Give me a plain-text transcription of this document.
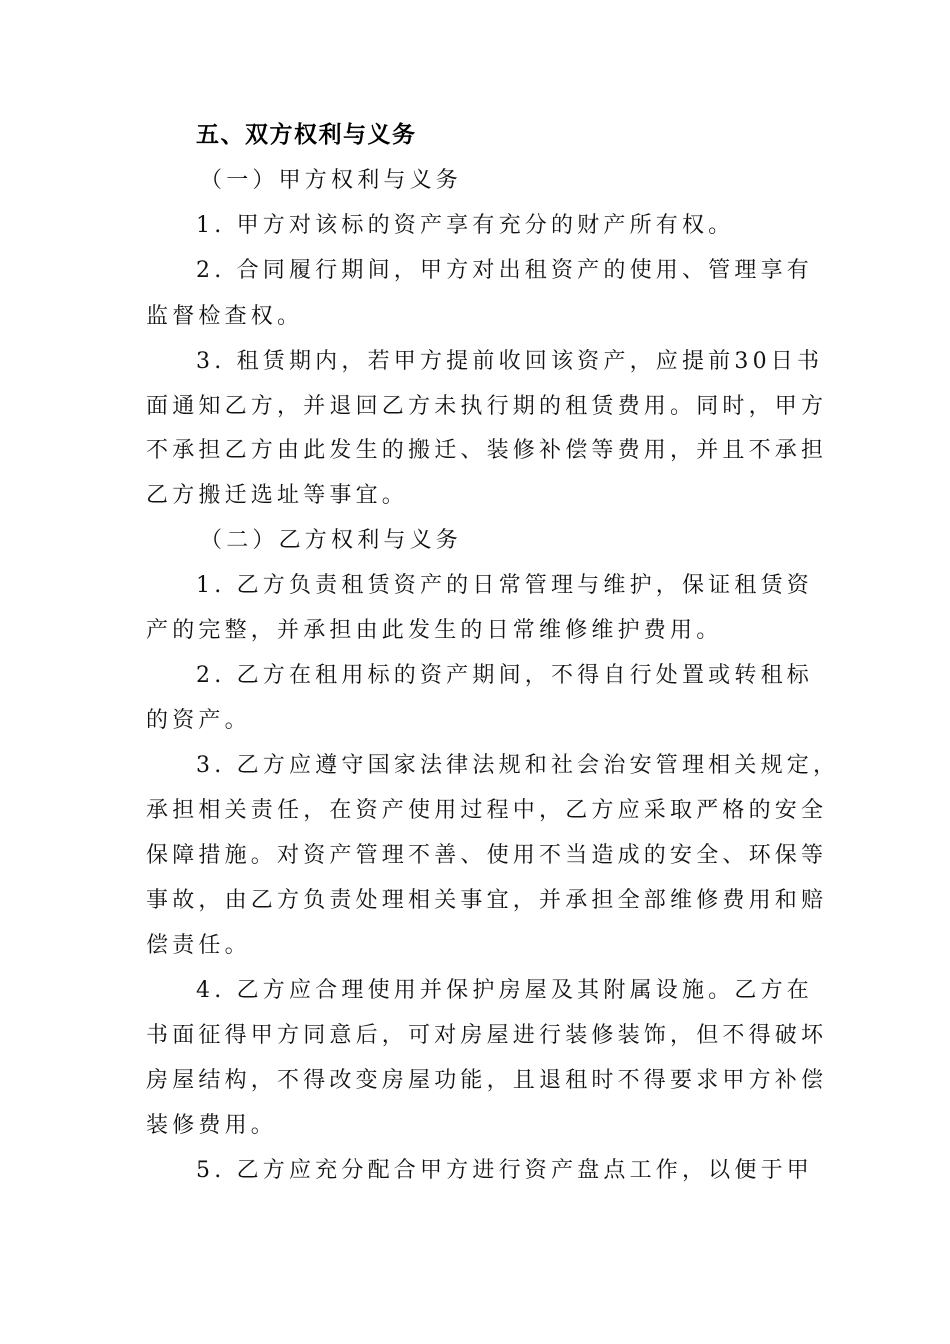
五、双方权利与义务
（一）甲方权利与义务
1. 甲方对该标的资产享有充分的财产所有权。
2. 合同履行期间，甲方对出租资产的使用、管理享有
监督检查权。
3. 租赁期内，若甲方提前收回该资产，应提前30日书
面通知乙方，并退回乙方未执行期的租赁费用。同时，甲方
不承担乙方由此发生的搬迁、装修补偿等费用，并且不承担
乙方搬迁选址等事宜。
（二）乙方权利与义务
1. 乙方负责租赁资产的日常管理与维护，保证租赁资
产的完整，并承担由此发生的日常维修维护费用。
2. 乙方在租用标的资产期间，不得自行处置或转租标
的资产。
3. 乙方应遵守国家法律法规和社会治安管理相关规定，
承担相关责任，在资产使用过程中，乙方应采取严格的安全
保障措施。对资产管理不善、使用不当造成的安全、环保等
事故，由乙方负责处理相关事宜，并承担全部维修费用和赔
偿责任。
4. 乙方应合理使用并保护房屋及其附属设施。乙方在
书面征得甲方同意后，可对房屋进行装修装饰，但不得破坏
房屋结构，不得改变房屋功能，且退租时不得要求甲方补偿
装修费用。
5. 乙方应充分配合甲方进行资产盘点工作，以便于甲
